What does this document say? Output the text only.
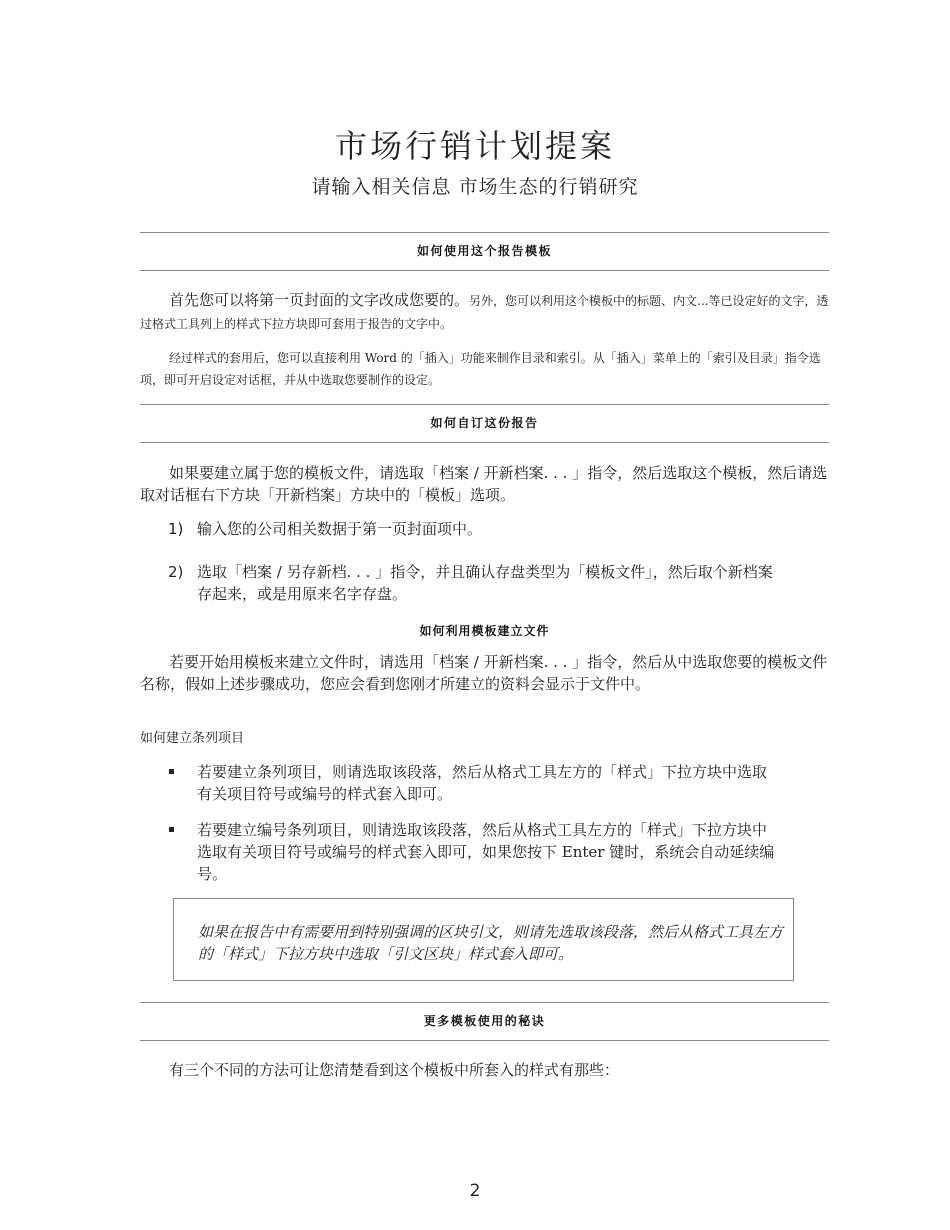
市场行销计划提案
请输入相关信息 市场生态的行销研究
如何使用这个报告模板

首先您可以将第一页封面的文字改成您要的。另外，您可以利用这个模板中的标题、内文...等已设定好的文字，透过格式工具列上的样式下拉方块即可套用于报告的文字中。

经过样式的套用后，您可以直接利用 Word 的「插入」功能来制作目录和索引。从「插入」菜单上的「索引及目录」指令选项，即可开启设定对话框，并从中选取您要制作的设定。

如何自订这份报告

如果要建立属于您的模板文件，请选取「档案 / 开新档案. . . 」指令，然后选取这个模板，然后请选取对话框右下方块「开新档案」方块中的「模板」选项。

1) 输入您的公司相关数据于第一页封面项中。
2) 选取「档案 / 另存新档. . . 」指令，并且确认存盘类型为「模板文件」，然后取个新档案存起来，或是用原来名字存盘。
如何利用模板建立文件

若要开始用模板来建立文件时，请选用「档案 / 开新档案. . . 」指令，然后从中选取您要的模板文件名称，假如上述步骤成功，您应会看到您刚才所建立的资料会显示于文件中。

如何建立条列项目
若要建立条列项目，则请选取该段落，然后从格式工具左方的「样式」下拉方块中选取有关项目符号或编号的样式套入即可。
若要建立编号条列项目，则请选取该段落，然后从格式工具左方的「样式」下拉方块中选取有关项目符号或编号的样式套入即可，如果您按下 Enter 键时，系统会自动延续编号。
如果在报告中有需要用到特别强调的区块引文，则请先选取该段落，然后从格式工具左方的「样式」下拉方块中选取「引文区块」样式套入即可。
更多模板使用的秘诀

有三个不同的方法可让您清楚看到这个模板中所套入的样式有那些：

2
